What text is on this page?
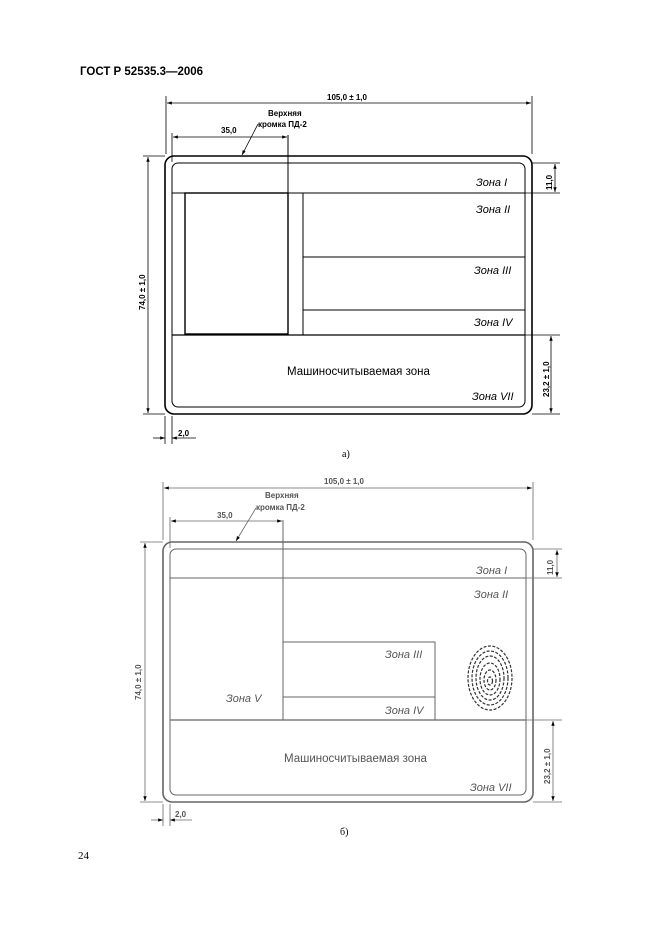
ГОСТ Р 52535.3—2006
Зона I
Зона II
Зона III
Зона IV
Машиносчитываемая зона
Зона VII
105,0 ± 1,0
35,0
Верхняя
кромка ПД-2
74,0 ± 1,0
11,0
23,2 ± 1,0
2,0
а)
Зона I
Зона II
Зона III
Зона V
Зона IV
Машиносчитываемая зона
Зона VII
105,0 ± 1,0
35,0
Верхняя
кромка ПД-2
74,0 ± 1,0
11,0
23,2 ± 1,0
2,0
б)
24
